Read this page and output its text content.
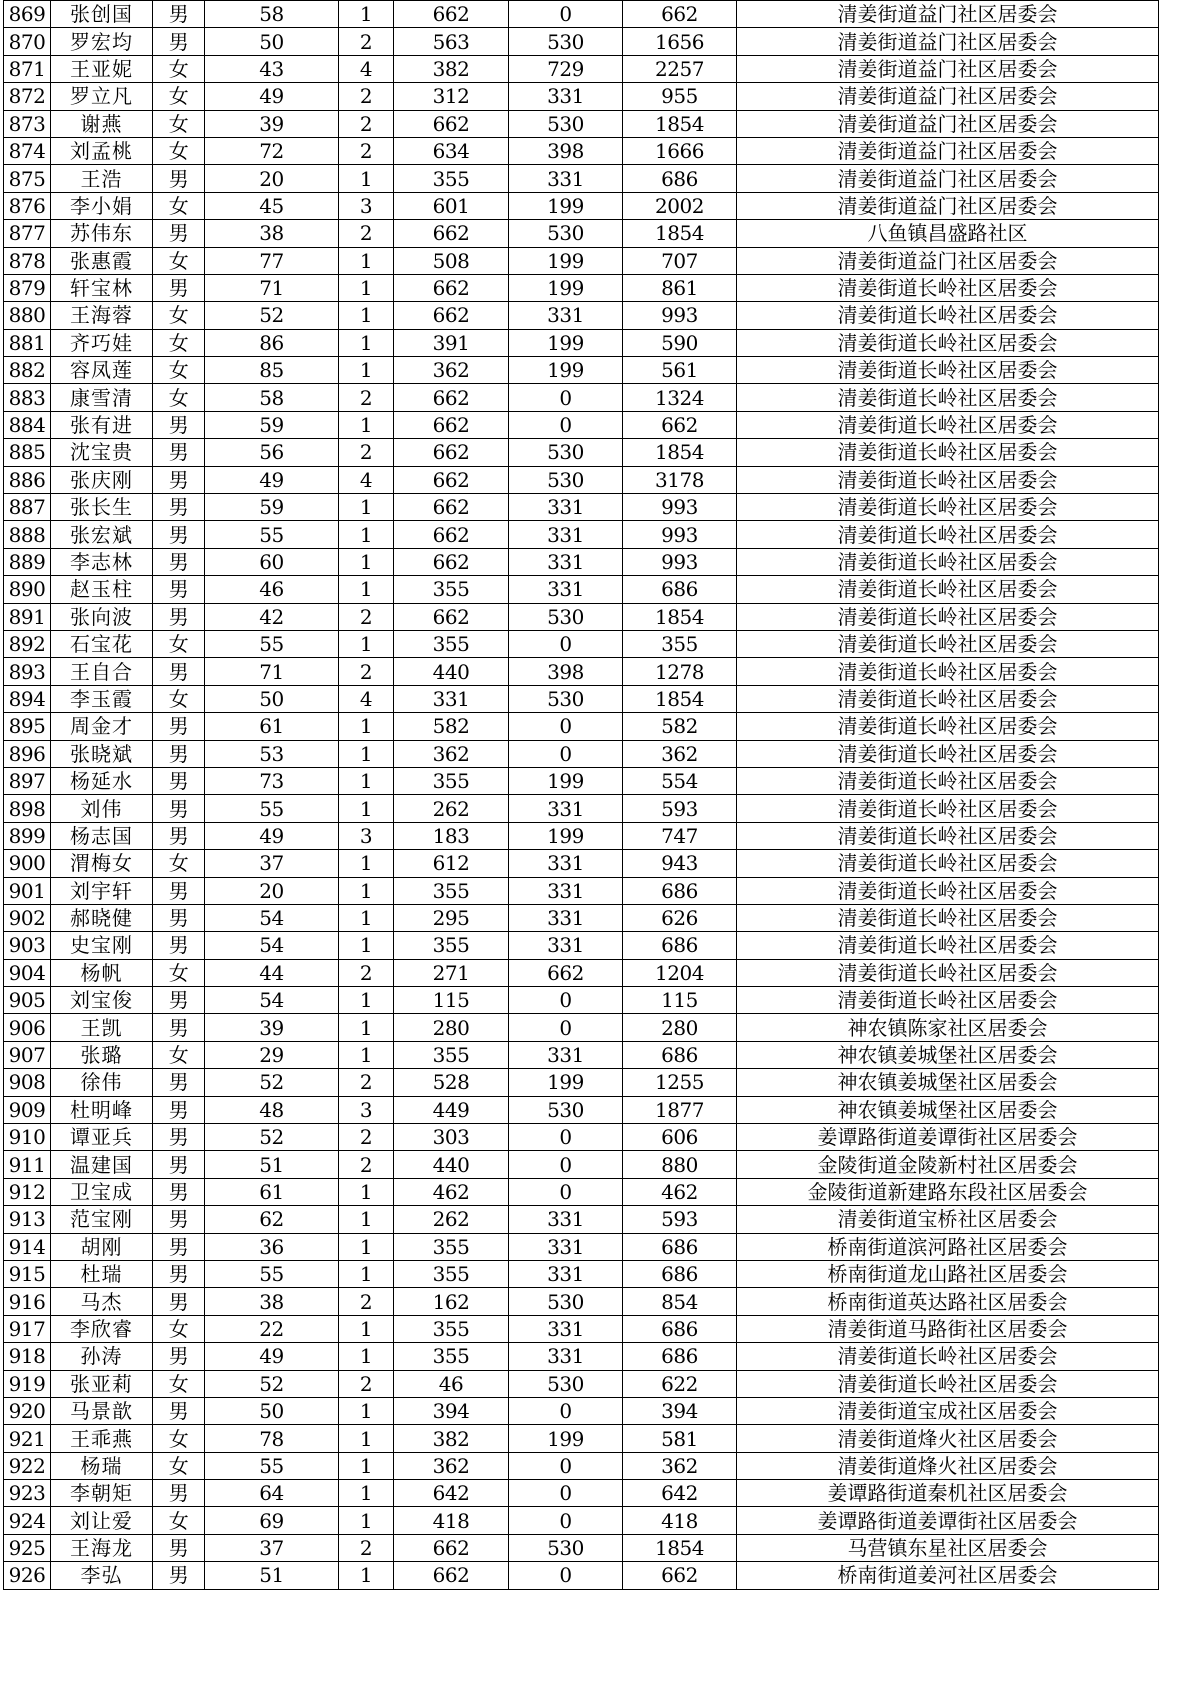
869	张创国	男	58	1	662	0	662	清姜街道益门社区居委会
870	罗宏均	男	50	2	563	530	1656	清姜街道益门社区居委会
871	王亚妮	女	43	4	382	729	2257	清姜街道益门社区居委会
872	罗立凡	女	49	2	312	331	955	清姜街道益门社区居委会
873	谢燕	女	39	2	662	530	1854	清姜街道益门社区居委会
874	刘孟桃	女	72	2	634	398	1666	清姜街道益门社区居委会
875	王浩	男	20	1	355	331	686	清姜街道益门社区居委会
876	李小娟	女	45	3	601	199	2002	清姜街道益门社区居委会
877	苏伟东	男	38	2	662	530	1854	八鱼镇昌盛路社区
878	张惠霞	女	77	1	508	199	707	清姜街道益门社区居委会
879	轩宝林	男	71	1	662	199	861	清姜街道长岭社区居委会
880	王海蓉	女	52	1	662	331	993	清姜街道长岭社区居委会
881	齐巧娃	女	86	1	391	199	590	清姜街道长岭社区居委会
882	容凤莲	女	85	1	362	199	561	清姜街道长岭社区居委会
883	康雪清	女	58	2	662	0	1324	清姜街道长岭社区居委会
884	张有进	男	59	1	662	0	662	清姜街道长岭社区居委会
885	沈宝贵	男	56	2	662	530	1854	清姜街道长岭社区居委会
886	张庆刚	男	49	4	662	530	3178	清姜街道长岭社区居委会
887	张长生	男	59	1	662	331	993	清姜街道长岭社区居委会
888	张宏斌	男	55	1	662	331	993	清姜街道长岭社区居委会
889	李志林	男	60	1	662	331	993	清姜街道长岭社区居委会
890	赵玉柱	男	46	1	355	331	686	清姜街道长岭社区居委会
891	张向波	男	42	2	662	530	1854	清姜街道长岭社区居委会
892	石宝花	女	55	1	355	0	355	清姜街道长岭社区居委会
893	王自合	男	71	2	440	398	1278	清姜街道长岭社区居委会
894	李玉霞	女	50	4	331	530	1854	清姜街道长岭社区居委会
895	周金才	男	61	1	582	0	582	清姜街道长岭社区居委会
896	张晓斌	男	53	1	362	0	362	清姜街道长岭社区居委会
897	杨延水	男	73	1	355	199	554	清姜街道长岭社区居委会
898	刘伟	男	55	1	262	331	593	清姜街道长岭社区居委会
899	杨志国	男	49	3	183	199	747	清姜街道长岭社区居委会
900	渭梅女	女	37	1	612	331	943	清姜街道长岭社区居委会
901	刘宇轩	男	20	1	355	331	686	清姜街道长岭社区居委会
902	郝晓健	男	54	1	295	331	626	清姜街道长岭社区居委会
903	史宝刚	男	54	1	355	331	686	清姜街道长岭社区居委会
904	杨帆	女	44	2	271	662	1204	清姜街道长岭社区居委会
905	刘宝俊	男	54	1	115	0	115	清姜街道长岭社区居委会
906	王凯	男	39	1	280	0	280	神农镇陈家社区居委会
907	张璐	女	29	1	355	331	686	神农镇姜城堡社区居委会
908	徐伟	男	52	2	528	199	1255	神农镇姜城堡社区居委会
909	杜明峰	男	48	3	449	530	1877	神农镇姜城堡社区居委会
910	谭亚兵	男	52	2	303	0	606	姜谭路街道姜谭街社区居委会
911	温建国	男	51	2	440	0	880	金陵街道金陵新村社区居委会
912	卫宝成	男	61	1	462	0	462	金陵街道新建路东段社区居委会
913	范宝刚	男	62	1	262	331	593	清姜街道宝桥社区居委会
914	胡刚	男	36	1	355	331	686	桥南街道滨河路社区居委会
915	杜瑞	男	55	1	355	331	686	桥南街道龙山路社区居委会
916	马杰	男	38	2	162	530	854	桥南街道英达路社区居委会
917	李欣睿	女	22	1	355	331	686	清姜街道马路街社区居委会
918	孙涛	男	49	1	355	331	686	清姜街道长岭社区居委会
919	张亚莉	女	52	2	46	530	622	清姜街道长岭社区居委会
920	马景歆	男	50	1	394	0	394	清姜街道宝成社区居委会
921	王乖燕	女	78	1	382	199	581	清姜街道烽火社区居委会
922	杨瑞	女	55	1	362	0	362	清姜街道烽火社区居委会
923	李朝矩	男	64	1	642	0	642	姜谭路街道秦机社区居委会
924	刘让爱	女	69	1	418	0	418	姜谭路街道姜谭街社区居委会
925	王海龙	男	37	2	662	530	1854	马营镇东星社区居委会
926	李弘	男	51	1	662	0	662	桥南街道姜河社区居委会
